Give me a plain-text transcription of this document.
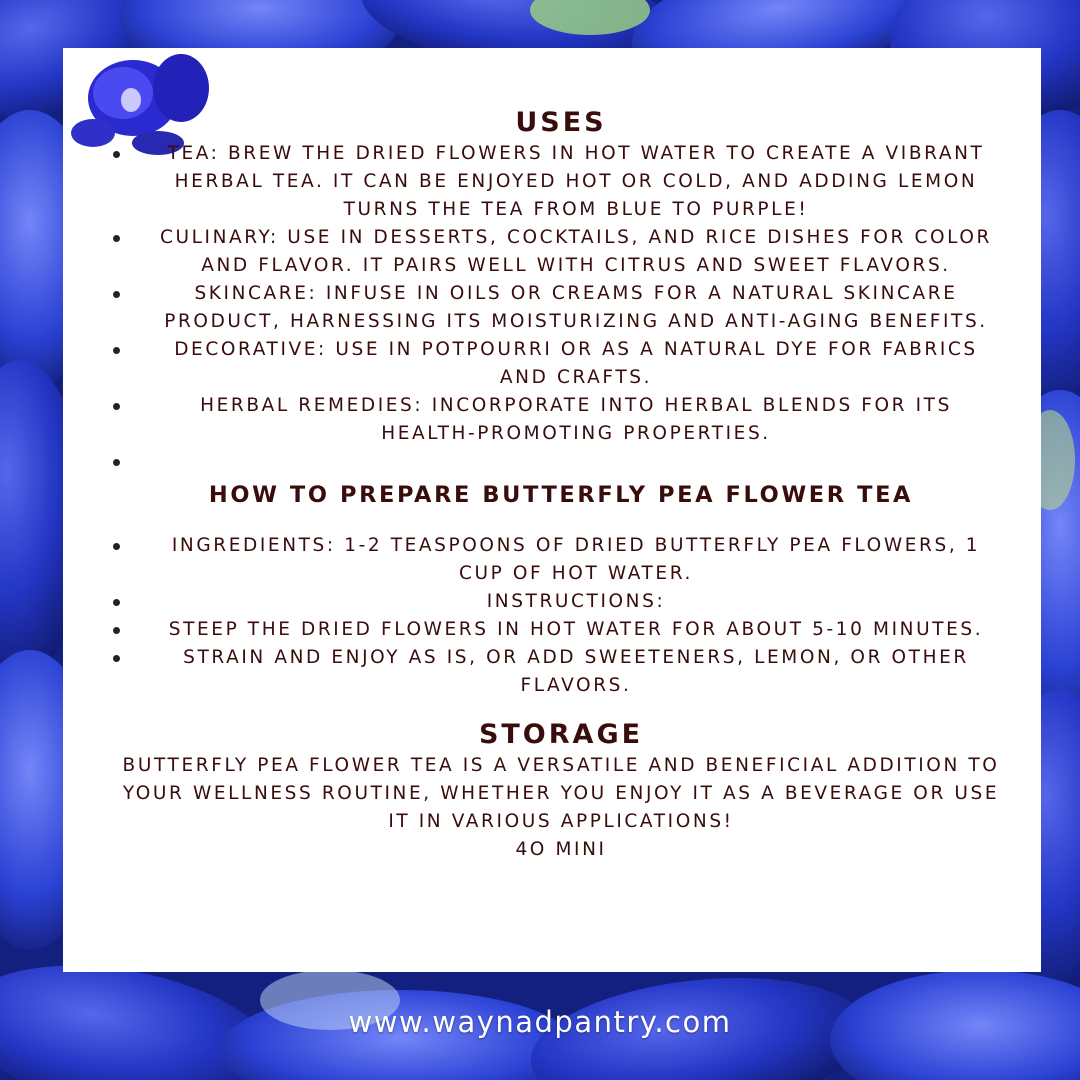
USES
TEA: BREW THE DRIED FLOWERS IN HOT WATER TO CREATE A VIBRANT HERBAL TEA. IT CAN BE ENJOYED HOT OR COLD, AND ADDING LEMON TURNS THE TEA FROM BLUE TO PURPLE!
CULINARY: USE IN DESSERTS, COCKTAILS, AND RICE DISHES FOR COLOR AND FLAVOR. IT PAIRS WELL WITH CITRUS AND SWEET FLAVORS.
SKINCARE: INFUSE IN OILS OR CREAMS FOR A NATURAL SKINCARE PRODUCT, HARNESSING ITS MOISTURIZING AND ANTI-AGING BENEFITS.
DECORATIVE: USE IN POTPOURRI OR AS A NATURAL DYE FOR FABRICS AND CRAFTS.
HERBAL REMEDIES: INCORPORATE INTO HERBAL BLENDS FOR ITS HEALTH-PROMOTING PROPERTIES.
HOW TO PREPARE BUTTERFLY PEA FLOWER TEA
INGREDIENTS: 1-2 TEASPOONS OF DRIED BUTTERFLY PEA FLOWERS, 1 CUP OF HOT WATER.
INSTRUCTIONS:
STEEP THE DRIED FLOWERS IN HOT WATER FOR ABOUT 5-10 MINUTES.
STRAIN AND ENJOY AS IS, OR ADD SWEETENERS, LEMON, OR OTHER FLAVORS.
STORAGE

BUTTERFLY PEA FLOWER TEA IS A VERSATILE AND BENEFICIAL ADDITION TO YOUR WELLNESS ROUTINE, WHETHER YOU ENJOY IT AS A BEVERAGE OR USE IT IN VARIOUS APPLICATIONS!
4O MINI

www.waynadpantry.com
